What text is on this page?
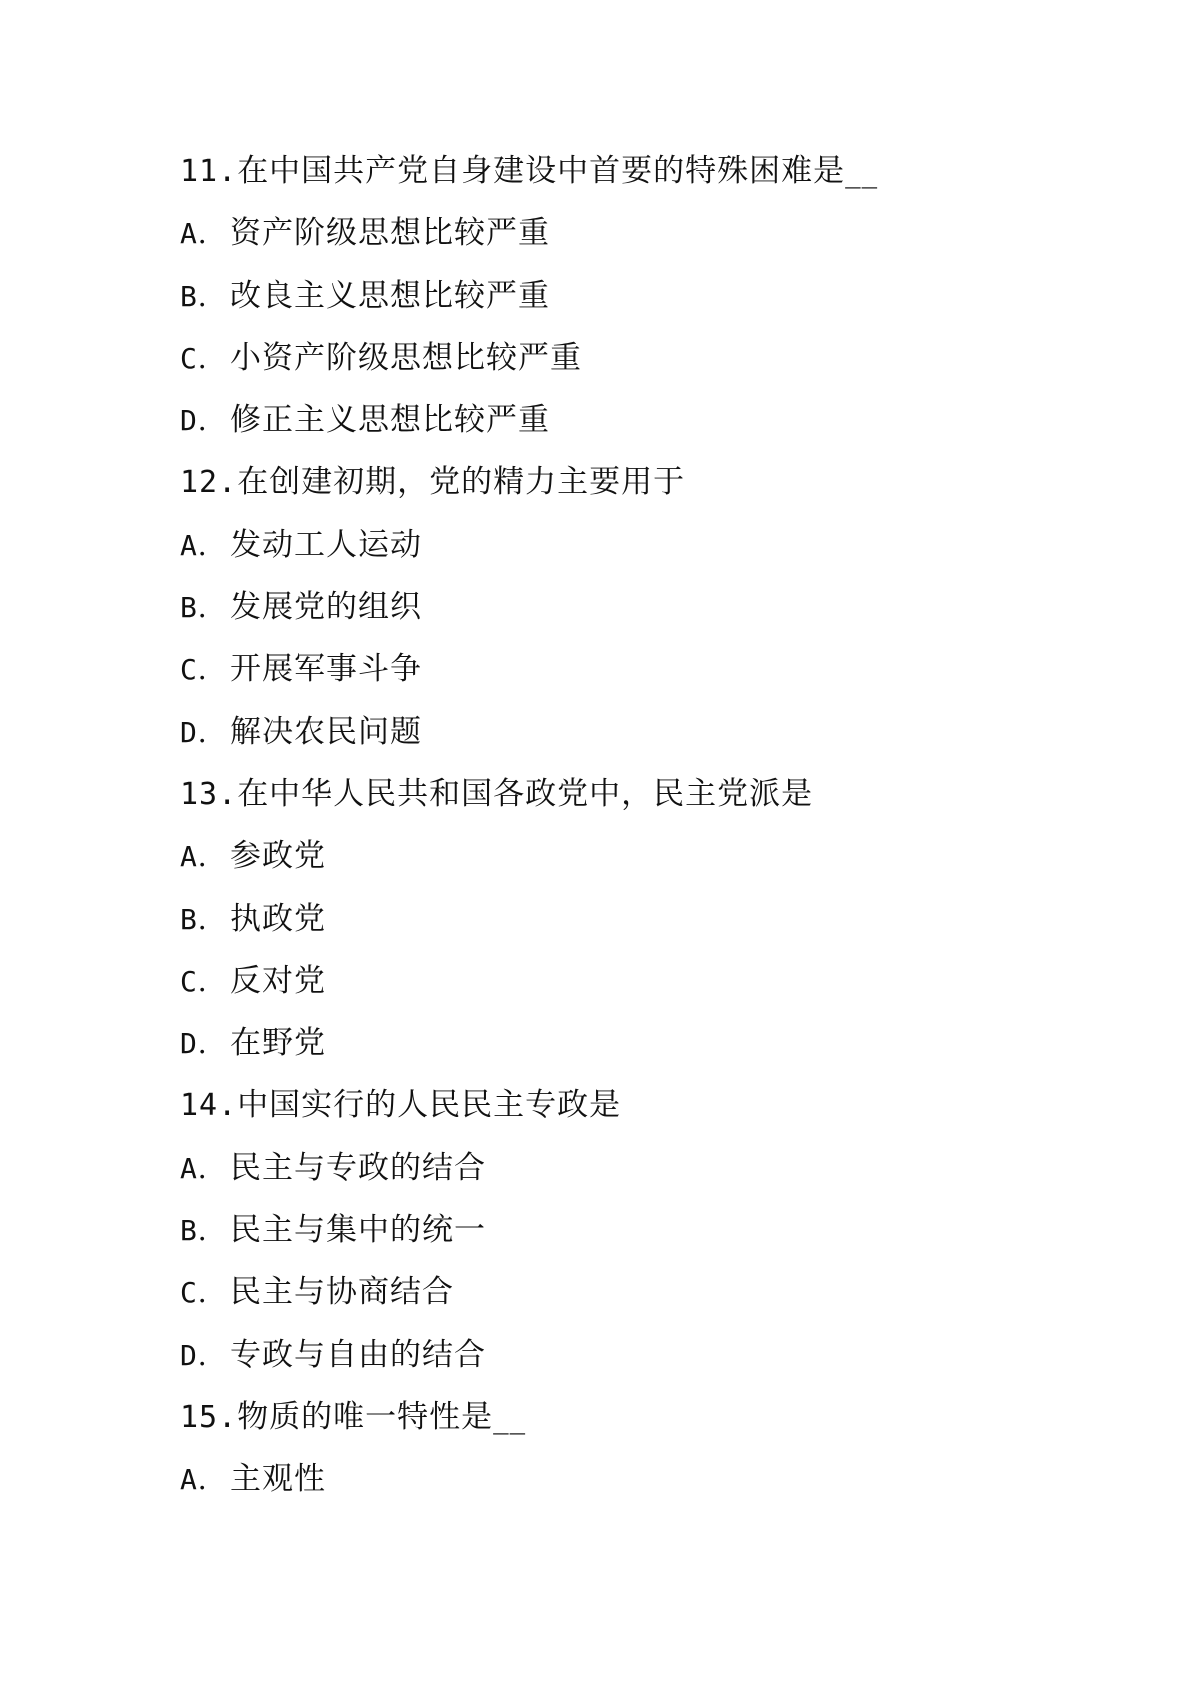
11.在中国共产党自身建设中首要的特殊困难是__
A． 资产阶级思想比较严重
B． 改良主义思想比较严重
C． 小资产阶级思想比较严重
D． 修正主义思想比较严重
12.在创建初期，党的精力主要用于
A． 发动工人运动
B． 发展党的组织
C． 开展军事斗争
D． 解决农民问题
13.在中华人民共和国各政党中，民主党派是
A． 参政党
B． 执政党
C． 反对党
D． 在野党
14.中国实行的人民民主专政是
A． 民主与专政的结合
B． 民主与集中的统一
C． 民主与协商结合
D． 专政与自由的结合
15.物质的唯一特性是__
A． 主观性
